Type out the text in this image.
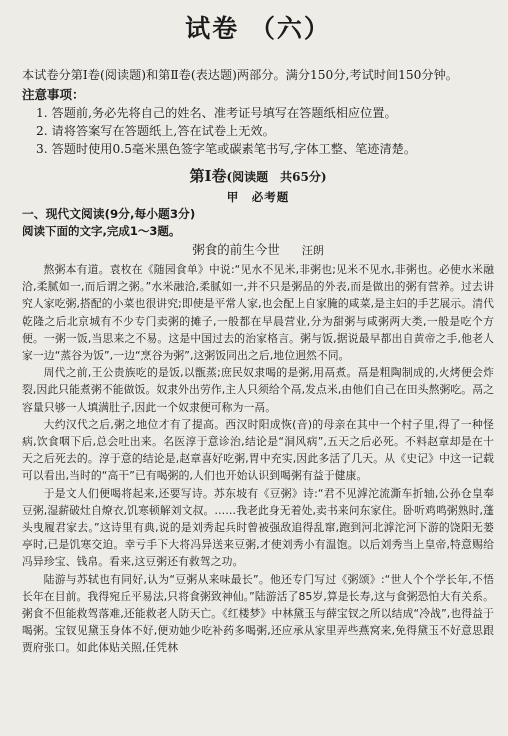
试卷 （六）
本试卷分第Ⅰ卷(阅读题)和第Ⅱ卷(表达题)两部分。满分150分,考试时间150分钟。
注意事项：
1. 答题前,务必先将自己的姓名、准考证号填写在答题纸相应位置。
2. 请将答案写在答题纸上,答在试卷上无效。
3. 答题时使用0.5毫米黑色签字笔或碳素笔书写,字体工整、笔迹清楚。
第Ⅰ卷(阅读题　共65分)
甲　必考题
一、现代文阅读(9分,每小题3分)
阅读下面的文字,完成1～3题。
粥食的前生今世 汪朗

熬粥本有道。袁枚在《随园食单》中说:“见水不见米,非粥也;见米不见水,非粥也。必使水米融洽,柔腻如一,而后谓之粥。”水米融洽,柔腻如一,并不只是粥品的外表,而是做出的粥有营养。过去讲究人家吃粥,搭配的小菜也很讲究;即使是平常人家,也会配上自家腌的咸菜,是主妇的手艺展示。清代乾隆之后北京城有不少专门卖粥的摊子,一般都在早晨营业,分为甜粥与咸粥两大类,一般是吃个方便。一粥一饭,当思来之不易。这是中国过去的治家格言。粥与饭,据说最早都出自黄帝之手,他老人家一边“蒸谷为饭”,一边“烹谷为粥”,这粥饭同出之后,地位迥然不同。

周代之前,王公贵族吃的是饭,以甑蒸;庶民奴隶喝的是粥,用鬲煮。鬲是粗陶制成的,火烤便会炸裂,因此只能煮粥不能做饭。奴隶外出劳作,主人只须给个鬲,发点米,由他们自己在田头熬粥吃。鬲之容量只够一人填满肚子,因此一个奴隶便可称为一鬲。

大约汉代之后,粥之地位才有了提高。西汉时阳成恢(音)的母亲在其中一个村子里,得了一种怪病,饮食咽下后,总会吐出来。名医淳于意诊治,结论是“洞风病”,五天之后必死。不料赵章却是在十天之后死去的。淳于意的结论是,赵章喜好吃粥,胃中充实,因此多活了几天。从《史记》中这一记载可以看出,当时的“高干”已有喝粥的,人们也开始认识到喝粥有益于健康。

于是文人们便喝将起来,还要写诗。苏东坡有《豆粥》诗:“君不见滹沱流澌车折轴,公孙仓皇奉豆粥,湿薪破灶自燎衣,饥寒顿解刘文叔。……我老此身无着处,卖书来问东家住。卧听鸡鸣粥熟时,蓬头曳履君家去。”这诗里有典,说的是刘秀起兵时曾被强敌追得乱窜,跑到河北滹沱河下游的饶阳无蒌亭时,已是饥寒交迫。幸亏手下大将冯异送来豆粥,才使刘秀小有温饱。以后刘秀当上皇帝,特意赐给冯异珍宝、钱帛。看来,这豆粥还有救驾之功。

陆游与苏轼也有同好,认为“豆粥从来味最长”。他还专门写过《粥颂》:“世人个个学长年,不悟长年在目前。我得宛丘平易法,只将食粥致神仙。”陆游活了85岁,算是长寿,这与食粥恐怕大有关系。粥食不但能救驾落难,还能救老人防天亡。《红楼梦》中林黛玉与薛宝钗之所以结成“冷战”,也得益于喝粥。宝钗见黛玉身体不好,便劝她少吃补药多喝粥,还应承从家里弄些燕窝来,免得黛玉不好意思跟贾府张口。如此体贴关照,任凭林
